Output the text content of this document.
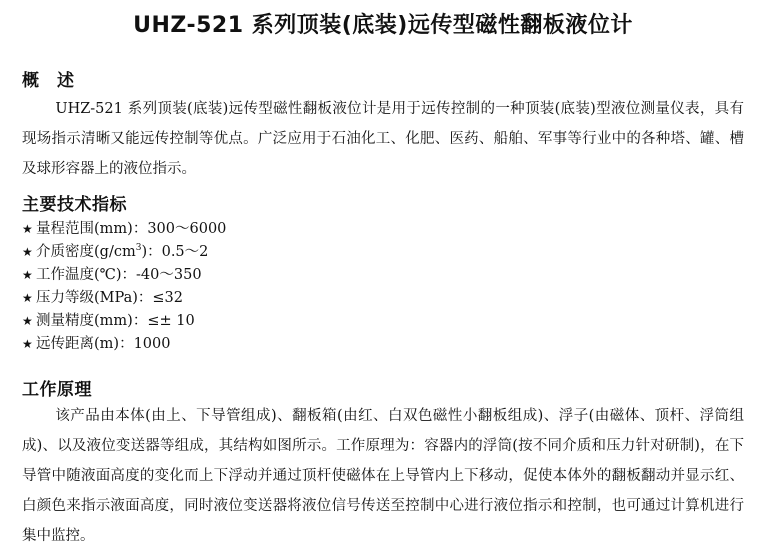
UHZ-521 系列顶装(底装)远传型磁性翻板液位计
概　述
UHZ-521 系列顶装(底装)远传型磁性翻板液位计是用于远传控制的一种顶装(底装)型液位测量仪表，具有现场指示清晰又能远传控制等优点。广泛应用于石油化工、化肥、医药、船舶、军事等行业中的各种塔、罐、槽及球形容器上的液位指示。
主要技术指标
★ 量程范围(mm)：300～6000
★ 介质密度$(g/cm^3)$：0.5～2
★ 工作温度(℃)：-40～350
★ 压力等级(MPa)：≤32
★ 测量精度(mm)：≤± 10
★ 远传距离(m)：1000
工作原理
该产品由本体(由上、下导管组成)、翻板箱(由红、白双色磁性小翻板组成)、浮子(由磁体、顶杆、浮筒组成)、以及液位变送器等组成，其结构如图所示。工作原理为：容器内的浮筒(按不同介质和压力针对研制)，在下导管中随液面高度的变化而上下浮动并通过顶杆使磁体在上导管内上下移动，促使本体外的翻板翻动并显示红、白颜色来指示液面高度，同时液位变送器将液位信号传送至控制中心进行液位指示和控制，也可通过计算机进行集中监控。
